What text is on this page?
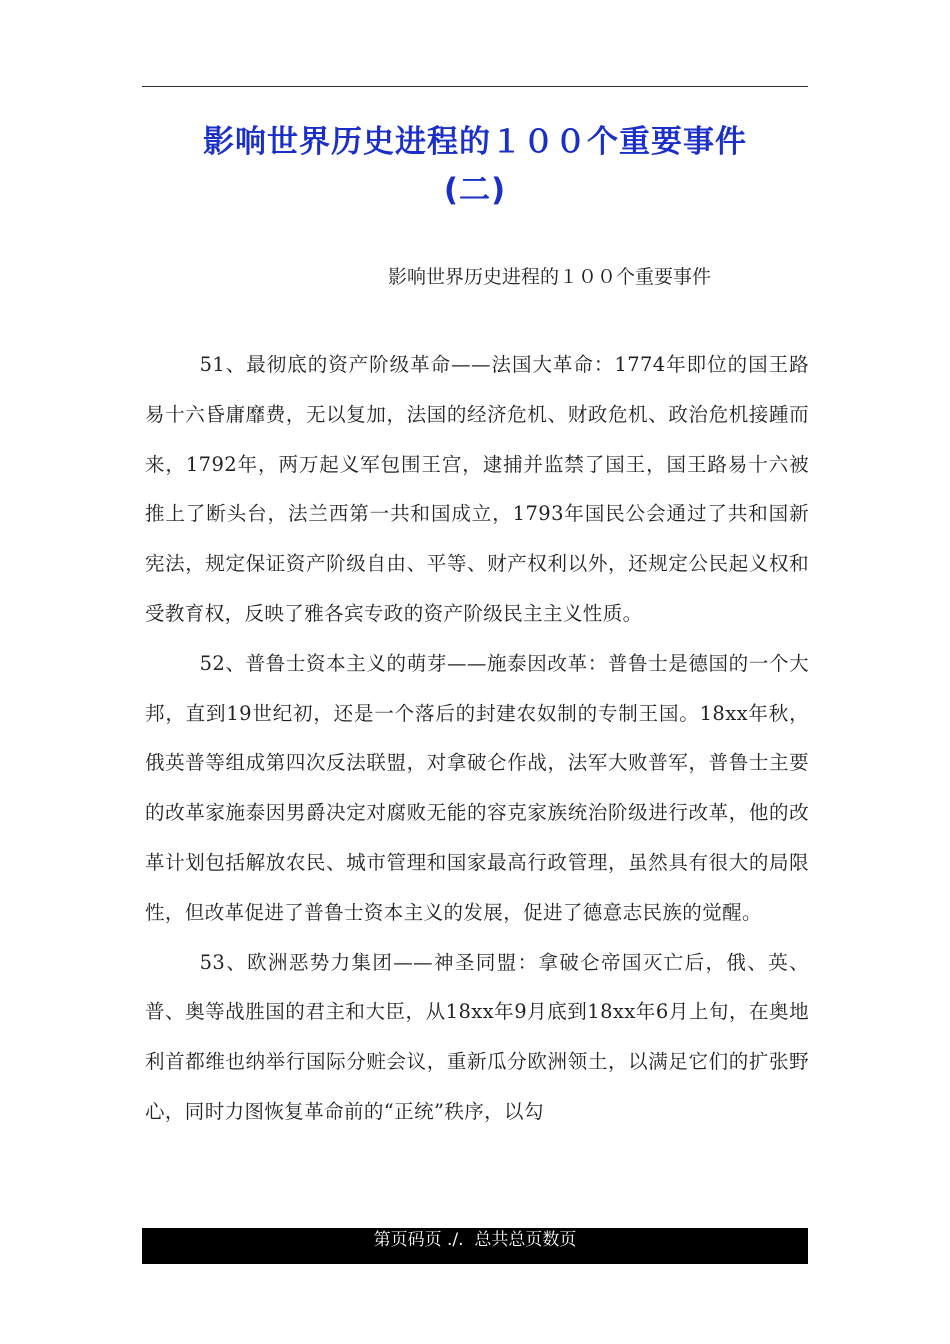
影响世界历史进程的１００个重要事件
(二)
影响世界历史进程的１００个重要事件

51、最彻底的资产阶级革命——法国大革命：1774年即位的国王路易十六昏庸靡费，无以复加，法国的经济危机、财政危机、政治危机接踵而来，1792年，两万起义军包围王宫，逮捕并监禁了国王，国王路易十六被推上了断头台，法兰西第一共和国成立，1793年国民公会通过了共和国新宪法，规定保证资产阶级自由、平等、财产权利以外，还规定公民起义权和受教育权，反映了雅各宾专政的资产阶级民主主义性质。

52、普鲁士资本主义的萌芽——施泰因改革：普鲁士是德国的一个大邦，直到19世纪初，还是一个落后的封建农奴制的专制王国。18xx年秋，俄英普等组成第四次反法联盟，对拿破仑作战，法军大败普军，普鲁士主要的改革家施泰因男爵决定对腐败无能的容克家族统治阶级进行改革，他的改革计划包括解放农民、城市管理和国家最高行政管理，虽然具有很大的局限性，但改革促进了普鲁士资本主义的发展，促进了德意志民族的觉醒。

53、欧洲恶势力集团——神圣同盟：拿破仑帝国灭亡后，俄、英、普、奥等战胜国的君主和大臣，从18xx年9月底到18xx年6月上旬，在奥地利首都维也纳举行国际分赃会议，重新瓜分欧洲领土，以满足它们的扩张野心，同时力图恢复革命前的“正统”秩序，以勾

第页码页 ./.  总共总页数页
